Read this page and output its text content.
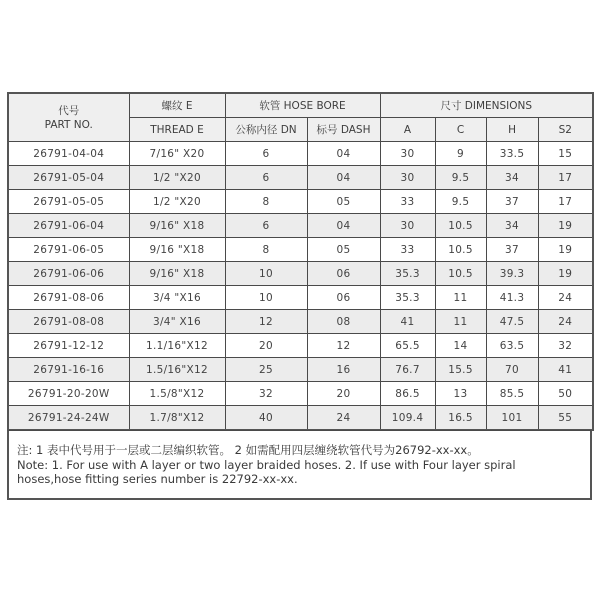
代号
PART NO.	螺纹 E	软管 HOSE BORE		尺寸 DIMENSIONS			
	THREAD E	公称内径 DN	标号 DASH	A	C	H	S2
26791-04-04	7/16" X20	6	04	30	9	33.5	15
26791-05-04	1/2 "X20	6	04	30	9.5	34	17
26791-05-05	1/2 "X20	8	05	33	9.5	37	17
26791-06-04	9/16" X18	6	04	30	10.5	34	19
26791-06-05	9/16 "X18	8	05	33	10.5	37	19
26791-06-06	9/16" X18	10	06	35.3	10.5	39.3	19
26791-08-06	3/4 "X16	10	06	35.3	11	41.3	24
26791-08-08	3/4" X16	12	08	41	11	47.5	24
26791-12-12	1.1/16"X12	20	12	65.5	14	63.5	32
26791-16-16	1.5/16"X12	25	16	76.7	15.5	70	41
26791-20-20W	1.5/8"X12	32	20	86.5	13	85.5	50
26791-24-24W	1.7/8"X12	40	24	109.4	16.5	101	55
注: 1 表中代号用于一层或二层编织软管。 2 如需配用四层缠绕软管代号为26792-xx-xx。
Note: 1. For use with A layer or two layer braided hoses. 2. If use with Four layer spiral
hoses,hose fitting series number is 22792-xx-xx.
